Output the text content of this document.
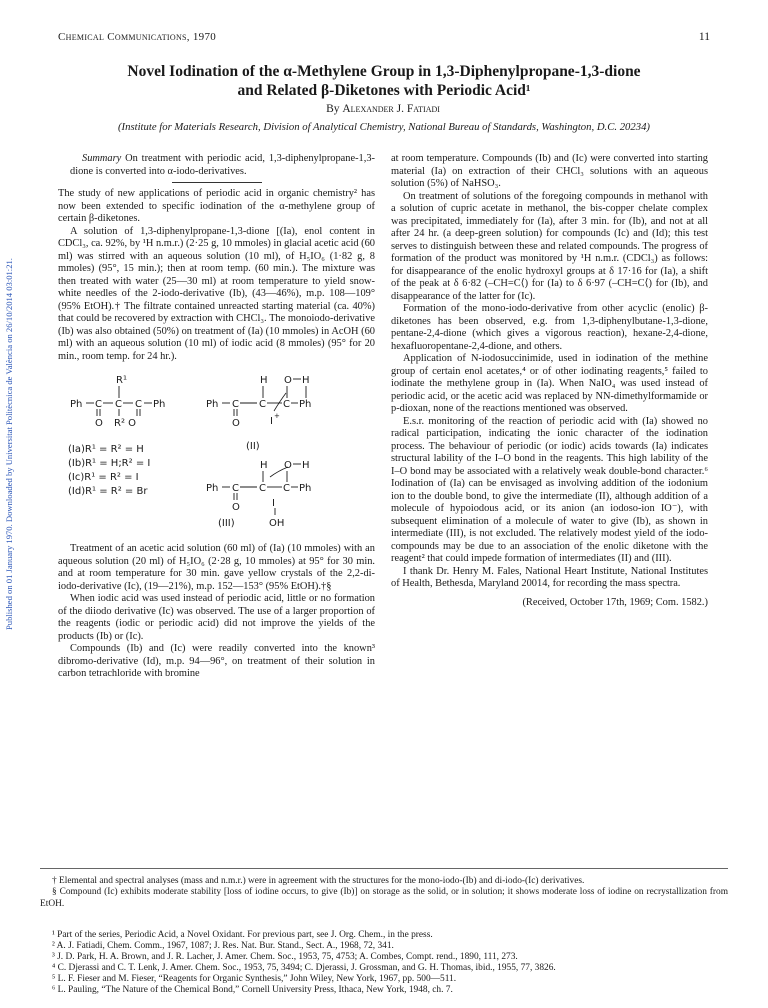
Published on 01 January 1970. Downloaded by Universitat Politècnica de València on 26/10/2014 03:01:21.
Chemical Communications, 1970	11
Novel Iodination of the α-Methylene Group in 1,3-Diphenylpropane-1,3-dione
and Related β-Diketones with Periodic Acid¹
By Alexander J. Fatiadi
(Institute for Materials Research, Division of Analytical Chemistry, National Bureau of Standards, Washington, D.C. 20234)

Summary On treatment with periodic acid, 1,3-diphenylpropane-1,3-dione is converted into α-iodo-derivatives.

The study of new applications of periodic acid in organic chemistry² has now been extended to specific iodination of the α-methylene group of certain β-diketones.

A solution of 1,3-diphenylpropane-1,3-dione [(Ia), enol content in CDCl₃, ca. 92%, by ¹H n.m.r.) (2·25 g, 10 mmoles) in glacial acetic acid (60 ml) was stirred with an aqueous solution (10 ml), of H₅IO₆ (1·82 g, 8 mmoles) (95°, 15 min.); then at room temp. (60 min.). The mixture was then treated with water (25—30 ml) at room temperature to yield snow-white needles of the 2-iodo-derivative (Ib), (43—46%), m.p. 108—109° (95% EtOH).† The filtrate contained unreacted starting material (ca. 40%) that could be recovered by extraction with CHCl₃. The monoiodo-derivative (Ib) was also obtained (50%) on treatment of (Ia) (10 mmoles) in AcOH (60 ml) with an aqueous solution (10 ml) of iodic acid (8 mmoles) (95° for 20 min., room temp. for 24 hr.).

R¹
Ph C C C Ph
O R² O
(Ia)R¹ = R² = H
(Ib)R¹ = H;R² = I
(Ic)R¹ = R² = I
(Id)R¹ = R² = Br
H O H
Ph C C C Ph
O	I +
(II)
H O H
Ph C C C Ph
O	I
OH
(III)

Treatment of an acetic acid solution (60 ml) of (Ia) (10 mmoles) with an aqueous solution (20 ml) of H₅IO₆ (2·28 g, 10 mmoles) at 95° for 30 min. and at room temperature for 30 min. gave yellow crystals of the 2,2-di-iodo-derivative (Ic), (19—21%), m.p. 152—153° (95% EtOH).†§

When iodic acid was used instead of periodic acid, little or no formation of the diiodo derivative (Ic) was observed. The use of a larger proportion of the reagents (iodic or periodic acid) did not improve the yields of the products (Ib) or (Ic).

Compounds (Ib) and (Ic) were readily converted into the known³ dibromo-derivative (Id), m.p. 94—96°, on treatment of their solution in carbon tetrachloride with bromine

at room temperature. Compounds (Ib) and (Ic) were converted into starting material (Ia) on extraction of their CHCl₃ solutions with an aqueous solution (5%) of NaHSO₃.

On treatment of solutions of the foregoing compounds in methanol with a solution of cupric acetate in methanol, the bis-copper chelate complex was precipitated, immediately for (Ia), after 3 min. for (Ib), and not at all after 24 hr. (a deep-green solution) for compounds (Ic) and (Id); this test serves to distinguish between these and related compounds. The progress of formation of the product was monitored by ¹H n.m.r. (CDCl₃) as follows: for disappearance of the enolic hydroxyl groups at δ 17·16 for (Ia), a shift of the peak at δ 6·82 (–CH=C⟨) for (Ia) to δ 6·97 (–CH=C⟨) for (Ib), and disappearance of the latter for (Ic).

Formation of the mono-iodo-derivative from other acyclic (enolic) β-diketones has been observed, e.g. from 1,3-diphenylbutane-1,3-dione, pentane-2,4-dione (which gives a vigorous reaction), hexane-2,4-dione, hexafluoropentane-2,4-dione, and others.

Application of N-iodosuccinimide, used in iodination of the methine group of certain enol acetates,⁴ or of other iodinating reagents,⁵ failed to iodinate the methylene group in (Ia). When NaIO₄ was used instead of periodic acid, or the acetic acid was replaced by NN-dimethylformamide or p-dioxan, none of the reactions mentioned was observed.

E.s.r. monitoring of the reaction of periodic acid with (Ia) showed no radical participation, indicating the ionic character of the iodination process. The behaviour of periodic (or iodic) acids towards (Ia) indicates structural lability of the I–O bond in the reagents. This high lability of the I–O bond may be associated with a relatively weak double-bond character.⁶ Iodination of (Ia) can be envisaged as involving addition of the iodonium ion to the double bond, to give the intermediate (II), although addition of a molecule of hypoiodous acid, or its anion (an iodoso-ion IO⁻), with subsequent elimination of a molecule of water to give (Ib), as shown in intermediate (III), is not excluded. The relatively modest yield of the iodo-compounds may be due to an association of the enolic diketone with the reagent² that could impede formation of intermediates (II) and (III).

I thank Dr. Henry M. Fales, National Heart Institute, National Institutes of Health, Bethesda, Maryland 20014, for recording the mass spectra.

(Received, October 17th, 1969; Com. 1582.)

† Elemental and spectral analyses (mass and n.m.r.) were in agreement with the structures for the mono-iodo-(Ib) and di-iodo-(Ic) derivatives.

§ Compound (Ic) exhibits moderate stability [loss of iodine occurs, to give (Ib)] on storage as the solid, or in solution; it shows moderate loss of iodine on recrystallization from EtOH.

¹ Part of the series, Periodic Acid, a Novel Oxidant. For previous part, see J. Org. Chem., in the press.

² A. J. Fatiadi, Chem. Comm., 1967, 1087; J. Res. Nat. Bur. Stand., Sect. A., 1968, 72, 341.

³ J. D. Park, H. A. Brown, and J. R. Lacher, J. Amer. Chem. Soc., 1953, 75, 4753; A. Combes, Compt. rend., 1890, 111, 273.

⁴ C. Djerassi and C. T. Lenk, J. Amer. Chem. Soc., 1953, 75, 3494; C. Djerassi, J. Grossman, and G. H. Thomas, ibid., 1955, 77, 3826.

⁵ L. F. Fieser and M. Fieser, “Reagents for Organic Synthesis,” John Wiley, New York, 1967, pp. 500—511.

⁶ L. Pauling, “The Nature of the Chemical Bond,” Cornell University Press, Ithaca, New York, 1948, ch. 7.
